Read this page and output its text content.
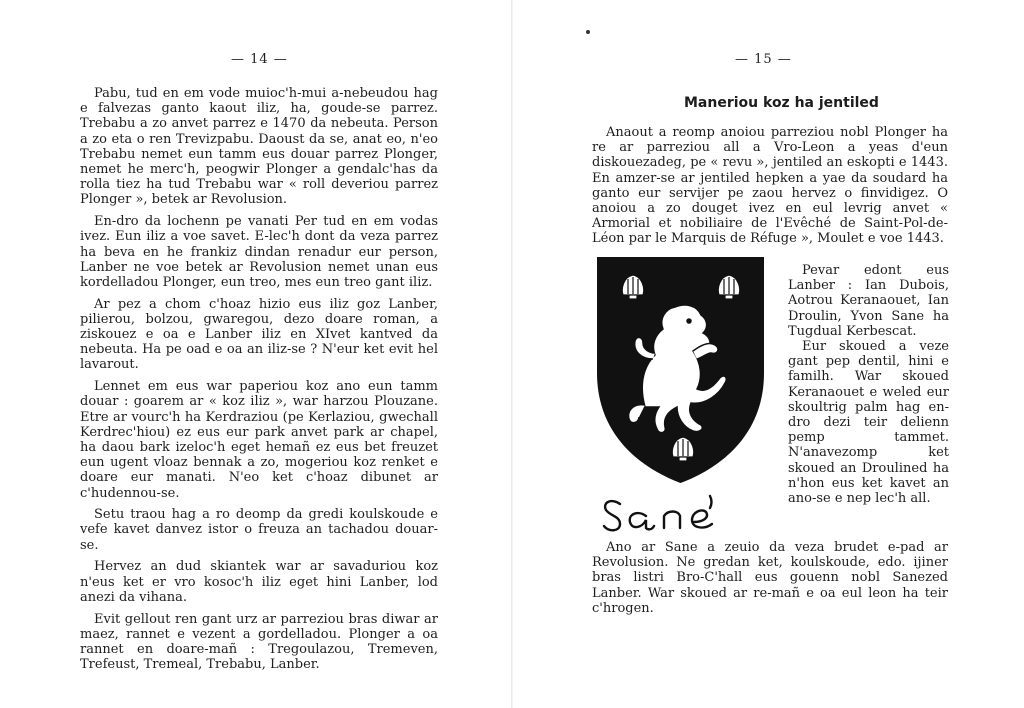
— 14 —

Pabu, tud en em vode muioc'h-mui a-nebeudou hag e falvezas ganto kaout iliz, ha, goude-se parrez. Trebabu a zo anvet parrez e 1470 da nebeuta. Person a zo eta o ren Trevizpabu. Daoust da se, anat eo, n'eo Trebabu nemet eun tamm eus douar parrez Plonger, nemet he merc'h, peogwir Plonger a gendalc'has da rolla tiez ha tud Trebabu war « roll deveriou parrez Plonger », betek ar Revolusion.

En-dro da lochenn pe vanati Per tud en em vodas ivez. Eun iliz a voe savet. E-lec'h dont da veza parrez ha beva en he frankiz dindan renadur eur person, Lanber ne voe betek ar Revolusion nemet unan eus kordelladou Plonger, eun treo, mes eun treo gant iliz.

Ar pez a chom c'hoaz hizio eus iliz goz Lanber, pilierou, bolzou, gwaregou, dezo doare roman, a ziskouez e oa e Lanber iliz en XIvet kantved da nebeuta. Ha pe oad e oa an iliz-se ? N'eur ket evit hel lavarout.

Lennet em eus war paperiou koz ano eun tamm douar : goarem ar « koz iliz », war harzou Plouzane. Etre ar vourc'h ha Kerdraziou (pe Kerlaziou, gwechall Kerdrec'hiou) ez eus eur park anvet park ar chapel, ha daou bark izeloc'h eget hemañ ez eus bet freuzet eun ugent vloaz bennak a zo, mogeriou koz renket e doare eur manati. N'eo ket c'hoaz dibunet ar c'hudennou-se.

Setu traou hag a ro deomp da gredi koulskoude e vefe kavet danvez istor o freuza an tachadou douar-se.

Hervez an dud skiantek war ar savaduriou koz n'eus ket er vro kosoc'h iliz eget hini Lanber, lod anezi da vihana.

Evit gellout ren gant urz ar parreziou bras diwar ar maez, rannet e vezent a gordelladou. Plonger a oa rannet en doare-mañ : Tregoulazou, Tremeven, Trefeust, Tremeal, Trebabu, Lanber.

— 15 —
Maneriou koz ha jentiled

Anaout a reomp anoiou parreziou nobl Plonger ha re ar parreziou all a Vro-Leon a yeas d'eun diskouezadeg, pe « revu », jentiled an eskopti e 1443. En amzer-se ar jentiled hepken a yae da soudard ha ganto eur servijer pe zaou hervez o finvidigez. O anoiou a zo douget ivez en eul levrig anvet « Armorial et nobiliaire de l'Evêché de Saint-Pol-de-Léon par le Marquis de Réfuge », Moulet e voe 1443.

Pevar edont eus Lanber : Ian Dubois, Aotrou Keranaouet, Ian Droulin, Yvon Sane ha Tugdual Kerbescat.

Eur skoued a veze gant pep dentil, hini e familh. War skoued Keranaouet e weled eur skoultrig palm hag en-dro dezi teir delienn pemp tammet. N'anavezomp ket skoued an Droulined ha n'hon eus ket kavet an ano-se e nep lec'h all.

Ano ar Sane a zeuio da veza brudet e-pad ar Revolusion. Ne gredan ket, koulskoude, edo. ijiner bras listri Bro-C'hall eus gouenn nobl Sanezed Lanber. War skoued ar re-mañ e oa eul leon ha teir c'hrogen.
